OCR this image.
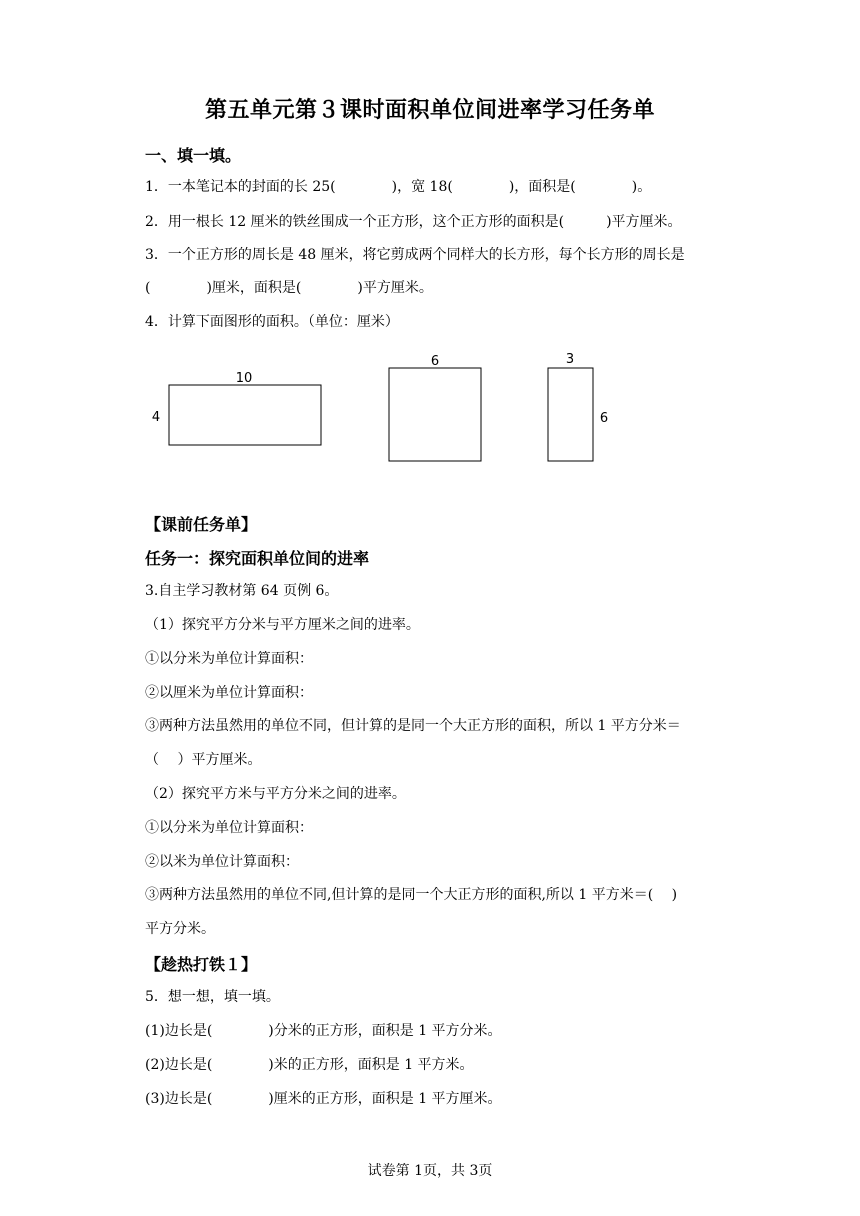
第五单元第３课时面积单位间进率学习任务单
一、填一填。
1．一本笔记本的封面的长 25(　　　　)，宽 18(　　　　)，面积是(　　　　)。
2．用一根长 12 厘米的铁丝围成一个正方形，这个正方形的面积是(　　　)平方厘米。
3．一个正方形的周长是 48 厘米，将它剪成两个同样大的长方形，每个长方形的周长是
(　　　　)厘米，面积是(　　　　)平方厘米。
4．计算下面图形的面积。（单位：厘米）
10
4
6	3
6
【课前任务单】
任务一：探究面积单位间的进率
3.自主学习教材第 64 页例 6。
（1）探究平方分米与平方厘米之间的进率。
①以分米为单位计算面积：
②以厘米为单位计算面积：
③两种方法虽然用的单位不同，但计算的是同一个大正方形的面积，所以 1 平方分米＝
（　 ）平方厘米。
（2）探究平方米与平方分米之间的进率。
①以分米为单位计算面积：
②以米为单位计算面积：
③两种方法虽然用的单位不同,但计算的是同一个大正方形的面积,所以 1 平方米＝(　 )
平方分米。
【趁热打铁１】
5．想一想，填一填。
(1)边长是(　　　　)分米的正方形，面积是 1 平方分米。
(2)边长是(　　　　)米的正方形，面积是 1 平方米。
(3)边长是(　　　　)厘米的正方形，面积是 1 平方厘米。
试卷第 1页，共 3页
